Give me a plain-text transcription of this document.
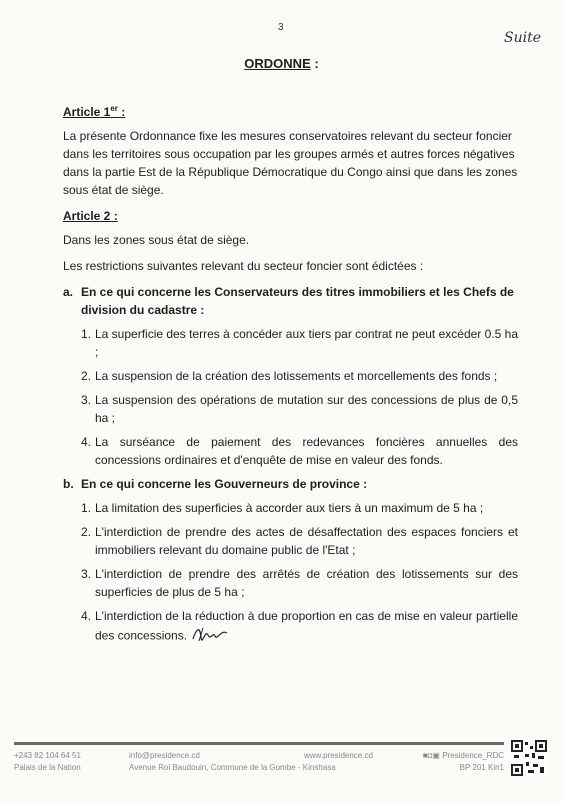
3
Suite
ORDONNE :
Article 1er :

La présente Ordonnance fixe les mesures conservatoires relevant du secteur foncier dans les territoires sous occupation par les groupes armés et autres forces négatives dans la partie Est de la République Démocratique du Congo ainsi que dans les zones sous état de siège.

Article 2 :

Dans les zones sous état de siège.

Les restrictions suivantes relevant du secteur foncier sont édictées :

a. En ce qui concerne les Conservateurs des titres immobiliers et les Chefs de division du cadastre :
1. La superficie des terres à concéder aux tiers par contrat ne peut excéder 0.5 ha ;
2. La suspension de la création des lotissements et morcellements des fonds ;
3. La suspension des opérations de mutation sur des concessions de plus de 0,5 ha ;
4. La surséance de paiement des redevances foncières annuelles des concessions ordinaires et d'enquête de mise en valeur des fonds.
b. En ce qui concerne les Gouverneurs de province :
1. La limitation des superficies à accorder aux tiers à un maximum de 5 ha ;
2. L'interdiction de prendre des actes de désaffectation des espaces fonciers et immobiliers relevant du domaine public de l'Etat ;
3. L'interdiction de prendre des arrêtés de création des lotissements sur des superficies de plus de 5 ha ;
4. L'interdiction de la réduction à due proportion en cas de mise en valeur partielle des concessions.
+243 82 104 64 51
Palais de la Nation
info@presidence.cd
Avenue Roi Baudouin, Commune de la Gombe - Kinshasa
www.presidence.cd	■◘▣ Presidence_RDC
BP 201 Kin1
